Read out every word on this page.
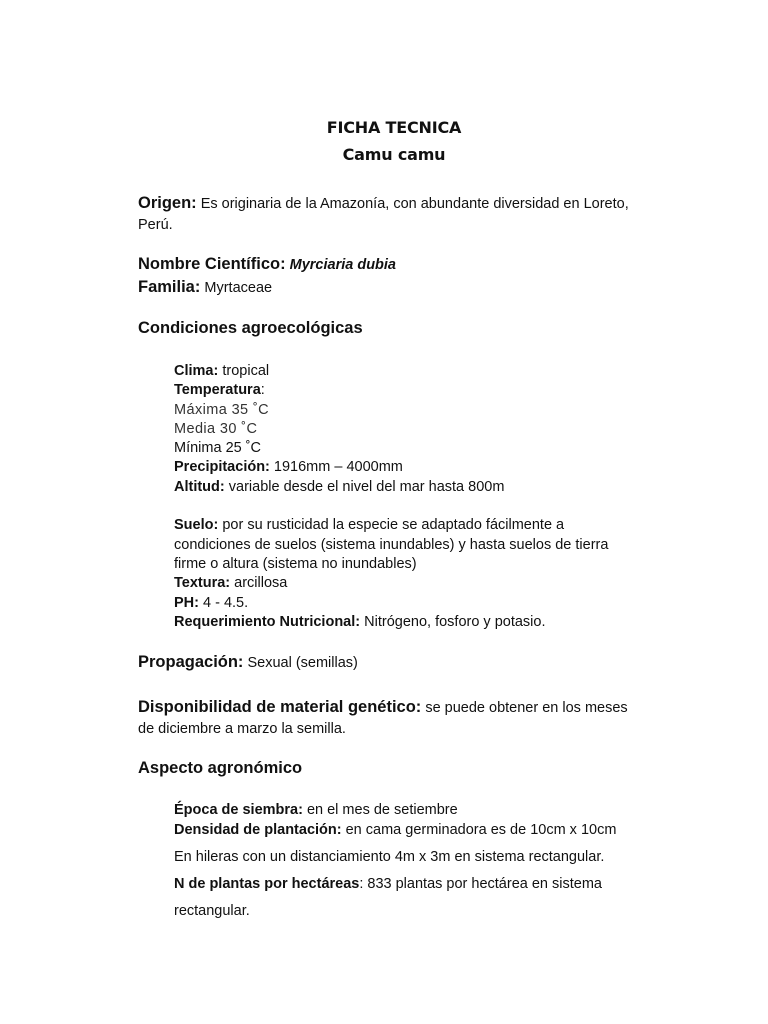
FICHA TECNICA
Camu camu
Origen: Es originaria de la Amazonía, con abundante diversidad en Loreto,
Perú.
Nombre Científico: Myrciaria dubia
Familia: Myrtaceae
Condiciones agroecológicas
Clima: tropical
Temperatura:
Máxima 35 ˚C
Media 30 ˚C
Mínima 25 ˚C
Precipitación: 1916mm – 4000mm
Altitud: variable desde el nivel del mar hasta 800m
Suelo: por su rusticidad la especie se adaptado fácilmente a
condiciones de suelos (sistema inundables) y hasta suelos de tierra
firme o altura (sistema no inundables)
Textura: arcillosa
PH: 4 - 4.5.
Requerimiento Nutricional: Nitrógeno, fosforo y potasio.
Propagación: Sexual (semillas)
Disponibilidad de material genético: se puede obtener en los meses
de diciembre a marzo la semilla.
Aspecto agronómico
Época de siembra: en el mes de setiembre
Densidad de plantación: en cama germinadora es de 10cm x 10cm
En hileras con un distanciamiento 4m x 3m en sistema rectangular.
N de plantas por hectáreas: 833 plantas por hectárea en sistema
rectangular.
